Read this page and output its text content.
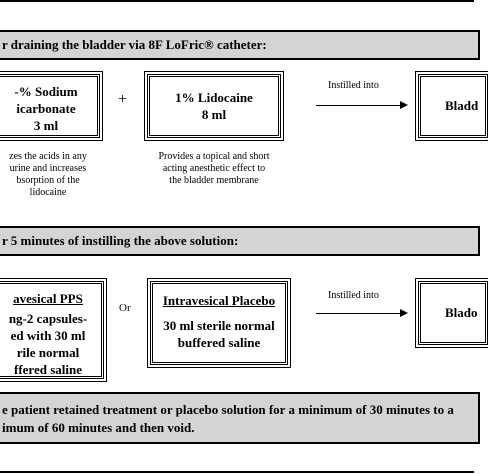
r draining the bladder via 8F LoFric® catheter:
-% Sodium
icarbonate
3 ml
zes the acids in any
urine and increases
bsorption of the
lidocaine
+	1% Lidocaine
8 ml
Provides a topical and short
acting anesthetic effect to
the bladder membrane
Instilled into
Bladd
r 5 minutes of instilling the above solution:
avesical PPS
ng-2 capsules-
ed with 30 ml
rile normal
ffered saline
Or	Intravesical Placebo
30 ml sterile normal
buffered saline
Instilled into
Blado
e patient retained treatment or placebo solution for a minimum of 30 minutes to a
imum of 60 minutes and then void.
